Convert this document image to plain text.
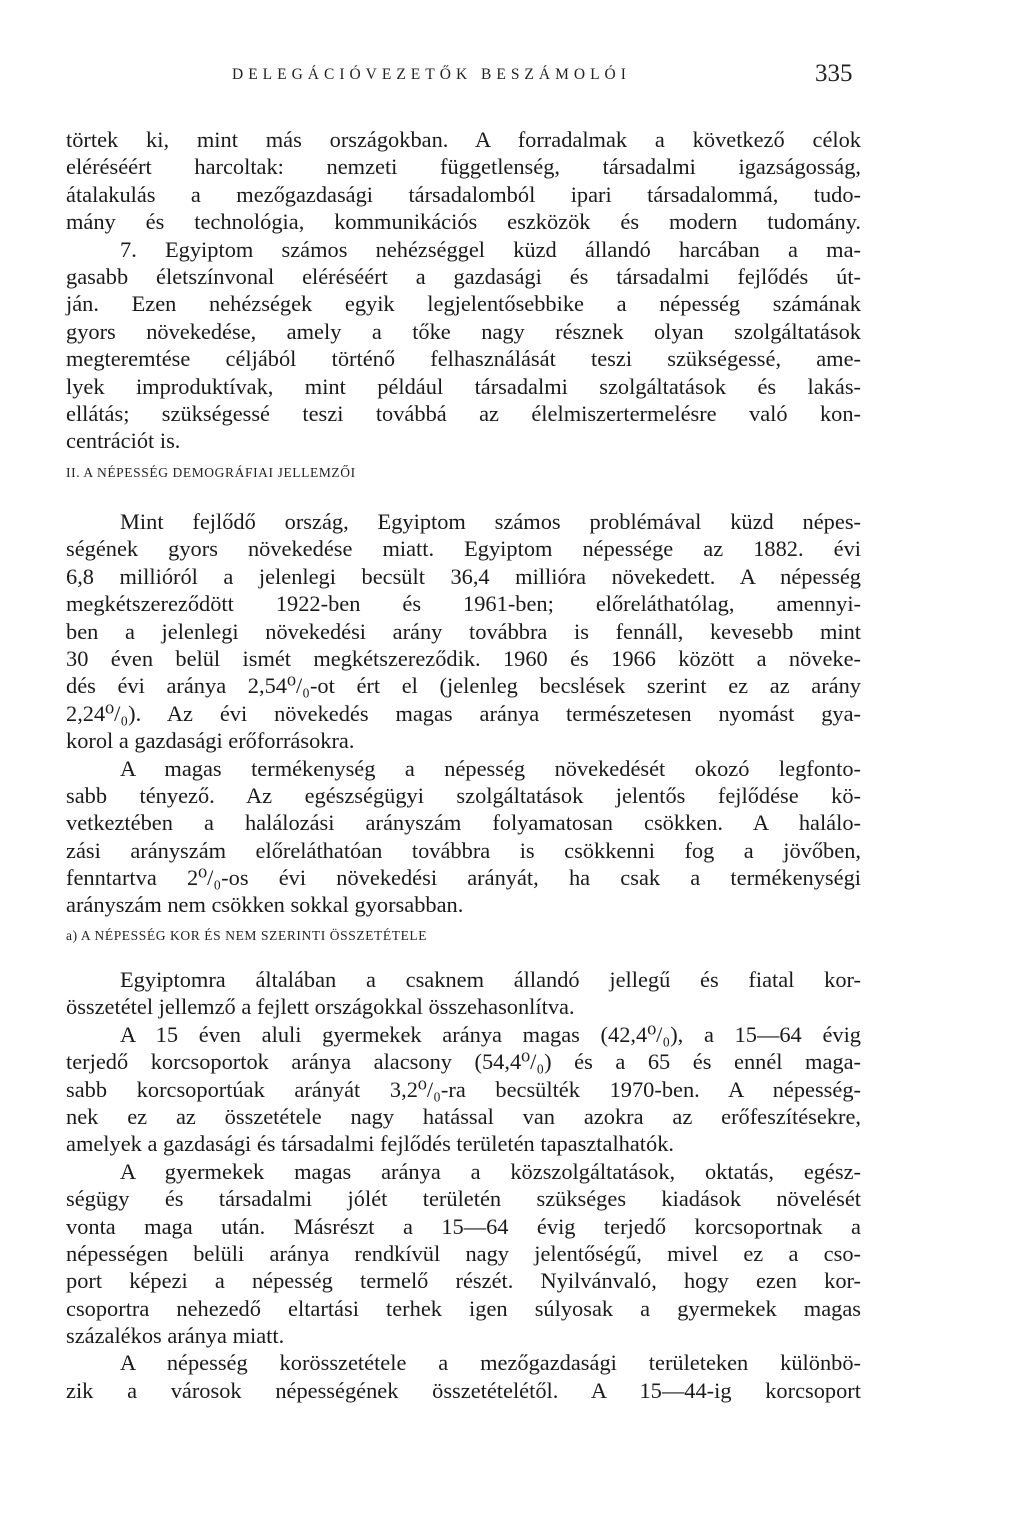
DELEGÁCIÓVEZETŐK BESZÁMOLÓI	335
törtek ki, mint más országokban. A forradalmak a következő célok
eléréséért harcoltak: nemzeti függetlenség, társadalmi igazságosság,
átalakulás a mezőgazdasági társadalomból ipari társadalommá, tudo-
mány és technológia, kommunikációs eszközök és modern tudomány.
7. Egyiptom számos nehézséggel küzd állandó harcában a ma-
gasabb életszínvonal eléréséért a gazdasági és társadalmi fejlődés út-
ján. Ezen nehézségek egyik legjelentősebbike a népesség számának
gyors növekedése, amely a tőke nagy résznek olyan szolgáltatások
megteremtése céljából történő felhasználását teszi szükségessé, ame-
lyek improduktívak, mint például társadalmi szolgáltatások és lakás-
ellátás; szükségessé teszi továbbá az élelmiszertermelésre való kon-
centrációt is.
II. A NÉPESSÉG DEMOGRÁFIAI JELLEMZŐI
Mint fejlődő ország, Egyiptom számos problémával küzd népes-
ségének gyors növekedése miatt. Egyiptom népessége az 1882. évi
6,8 millióról a jelenlegi becsült 36,4 millióra növekedett. A népesség
megkétszereződött 1922-ben és 1961-ben; előreláthatólag, amennyi-
ben a jelenlegi növekedési arány továbbra is fennáll, kevesebb mint
30 éven belül ismét megkétszereződik. 1960 és 1966 között a növeke-
dés évi aránya 2,54⁰/₀-ot ért el (jelenleg becslések szerint ez az arány
2,24⁰/₀). Az évi növekedés magas aránya természetesen nyomást gya-
korol a gazdasági erőforrásokra.
A magas termékenység a népesség növekedését okozó legfonto-
sabb tényező. Az egészségügyi szolgáltatások jelentős fejlődése kö-
vetkeztében a halálozási arányszám folyamatosan csökken. A halálo-
zási arányszám előreláthatóan továbbra is csökkenni fog a jövőben,
fenntartva 2⁰/₀-os évi növekedési arányát, ha csak a termékenységi
arányszám nem csökken sokkal gyorsabban.
a) A NÉPESSÉG KOR ÉS NEM SZERINTI ÖSSZETÉTELE
Egyiptomra általában a csaknem állandó jellegű és fiatal kor-
összetétel jellemző a fejlett országokkal összehasonlítva.
A 15 éven aluli gyermekek aránya magas (42,4⁰/₀), a 15—64 évig
terjedő korcsoportok aránya alacsony (54,4⁰/₀) és a 65 és ennél maga-
sabb korcsoportúak arányát 3,2⁰/₀-ra becsülték 1970-ben. A népesség-
nek ez az összetétele nagy hatással van azokra az erőfeszítésekre,
amelyek a gazdasági és társadalmi fejlődés területén tapasztalhatók.
A gyermekek magas aránya a közszolgáltatások, oktatás, egész-
ségügy és társadalmi jólét területén szükséges kiadások növelését
vonta maga után. Másrészt a 15—64 évig terjedő korcsoportnak a
népességen belüli aránya rendkívül nagy jelentőségű, mivel ez a cso-
port képezi a népesség termelő részét. Nyilvánvaló, hogy ezen kor-
csoportra nehezedő eltartási terhek igen súlyosak a gyermekek magas
százalékos aránya miatt.
A népesség korösszetétele a mezőgazdasági területeken különbö-
zik a városok népességének összetételétől. A 15—44-ig korcsoport
